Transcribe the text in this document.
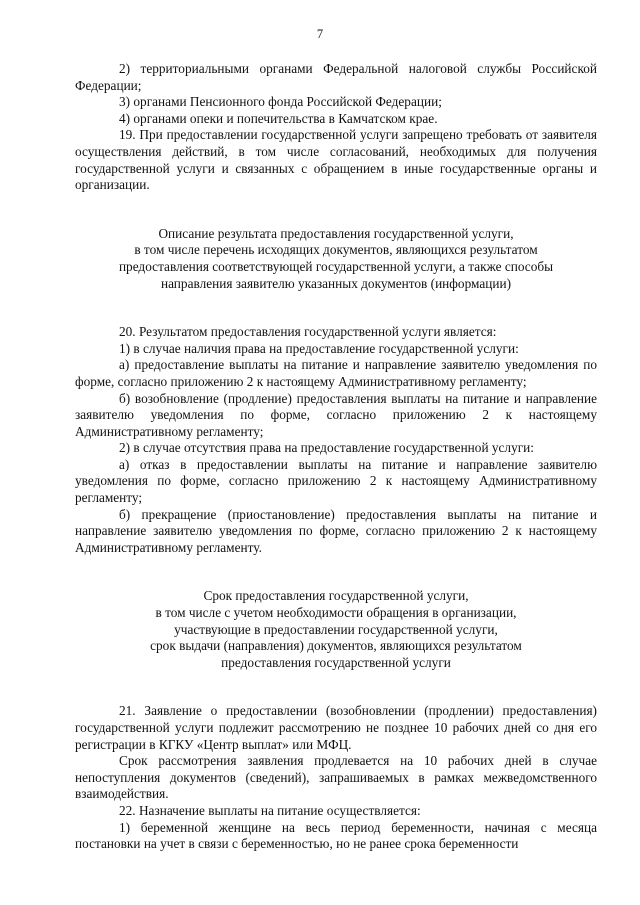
7

2) территориальными органами Федеральной налоговой службы Российской Федерации;

3) органами Пенсионного фонда Российской Федерации;

4) органами опеки и попечительства в Камчатском крае.

19. При предоставлении государственной услуги запрещено требовать от заявителя осуществления действий, в том числе согласований, необходимых для получения государственной услуги и связанных с обращением в иные государственные органы и организации.

Описание результата предоставления государственной услуги,

в том числе перечень исходящих документов, являющихся результатом

предоставления соответствующей государственной услуги, а также способы

направления заявителю указанных документов (информации)

20. Результатом предоставления государственной услуги является:

1) в случае наличия права на предоставление государственной услуги:

а) предоставление выплаты на питание и направление заявителю уведомления по форме, согласно приложению 2 к настоящему Административному регламенту;

б) возобновление (продление) предоставления выплаты на питание и направление заявителю уведомления по форме, согласно приложению 2 к настоящему Административному регламенту;

2) в случае отсутствия права на предоставление государственной услуги:

а) отказ в предоставлении выплаты на питание и направление заявителю уведомления по форме, согласно приложению 2 к настоящему Административному регламенту;

б) прекращение (приостановление) предоставления выплаты на питание и направление заявителю уведомления по форме, согласно приложению 2 к настоящему Административному регламенту.

Срок предоставления государственной услуги,

в том числе с учетом необходимости обращения в организации,

участвующие в предоставлении государственной услуги,

срок выдачи (направления) документов, являющихся результатом

предоставления государственной услуги

21. Заявление о предоставлении (возобновлении (продлении) предоставления) государственной услуги подлежит рассмотрению не позднее 10 рабочих дней со дня его регистрации в КГКУ «Центр выплат» или МФЦ.

Срок рассмотрения заявления продлевается на 10 рабочих дней в случае непоступления документов (сведений), запрашиваемых в рамках межведомственного взаимодействия.

22. Назначение выплаты на питание осуществляется:

1) беременной женщине на весь период беременности, начиная с месяца постановки на учет в связи с беременностью, но не ранее срока беременности
